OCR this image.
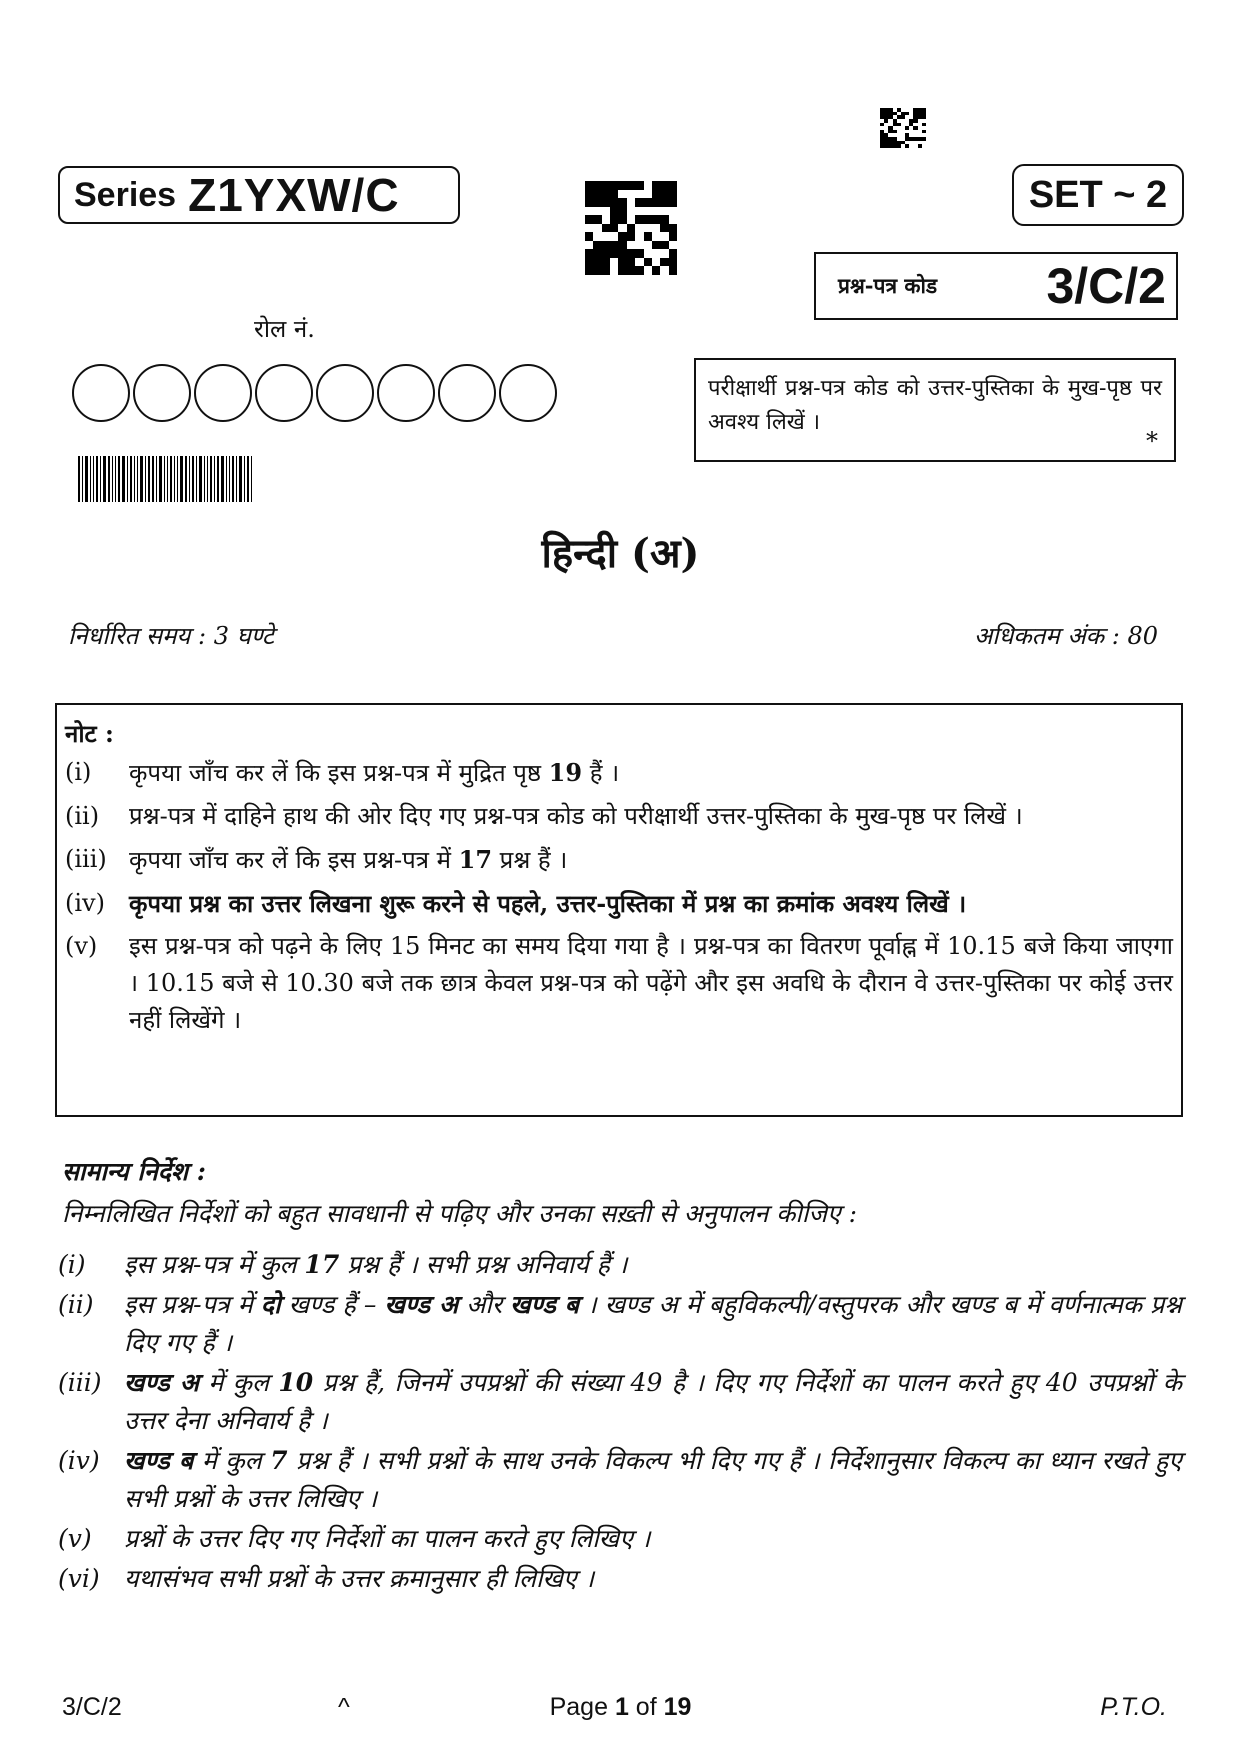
Series Z1YXW/C	SET ~ 2
प्रश्न-पत्र कोड 3/C/2
रोल नं.
परीक्षार्थी प्रश्न-पत्र कोड को उत्तर-पुस्तिका के मुख-पृष्ठ पर अवश्य लिखें ।
*
हिन्दी (अ)
निर्धारित समय : 3 घण्टे	अधिकतम अंक : 80
नोट :
(i)	कृपया जाँच कर लें कि इस प्रश्न-पत्र में मुद्रित पृष्ठ 19 हैं ।
(ii)	प्रश्न-पत्र में दाहिने हाथ की ओर दिए गए प्रश्न-पत्र कोड को परीक्षार्थी उत्तर-पुस्तिका के मुख-पृष्ठ पर लिखें ।
(iii) कृपया जाँच कर लें कि इस प्रश्न-पत्र में 17 प्रश्न हैं ।
(iv)	कृपया प्रश्न का उत्तर लिखना शुरू करने से पहले, उत्तर-पुस्तिका में प्रश्न का क्रमांक अवश्य लिखें ।
(v)	इस प्रश्न-पत्र को पढ़ने के लिए 15 मिनट का समय दिया गया है । प्रश्न-पत्र का वितरण पूर्वाह्न में 10.15 बजे किया जाएगा । 10.15 बजे से 10.30 बजे तक छात्र केवल प्रश्न-पत्र को पढ़ेंगे और इस अवधि के दौरान वे उत्तर-पुस्तिका पर कोई उत्तर नहीं लिखेंगे ।
सामान्य निर्देश :
निम्नलिखित निर्देशों को बहुत सावधानी से पढ़िए और उनका सख़्ती से अनुपालन कीजिए :
(i)	इस प्रश्न-पत्र में कुल 17 प्रश्न हैं । सभी प्रश्न अनिवार्य हैं ।
(ii)	इस प्रश्न-पत्र में दो खण्ड हैं – खण्ड अ और खण्ड ब । खण्ड अ में बहुविकल्पी/वस्तुपरक और खण्ड ब में वर्णनात्मक प्रश्न दिए गए हैं ।
(iii) खण्ड अ में कुल 10 प्रश्न हैं, जिनमें उपप्रश्नों की संख्या 49 है । दिए गए निर्देशों का पालन करते हुए 40 उपप्रश्नों के उत्तर देना अनिवार्य है ।
(iv) खण्ड ब में कुल 7 प्रश्न हैं । सभी प्रश्नों के साथ उनके विकल्प भी दिए गए हैं । निर्देशानुसार विकल्प का ध्यान रखते हुए सभी प्रश्नों के उत्तर लिखिए ।
(v)	प्रश्नों के उत्तर दिए गए निर्देशों का पालन करते हुए लिखिए ।
(vi) यथासंभव सभी प्रश्नों के उत्तर क्रमानुसार ही लिखिए ।
3/C/2	^	Page 1 of 19	P.T.O.
